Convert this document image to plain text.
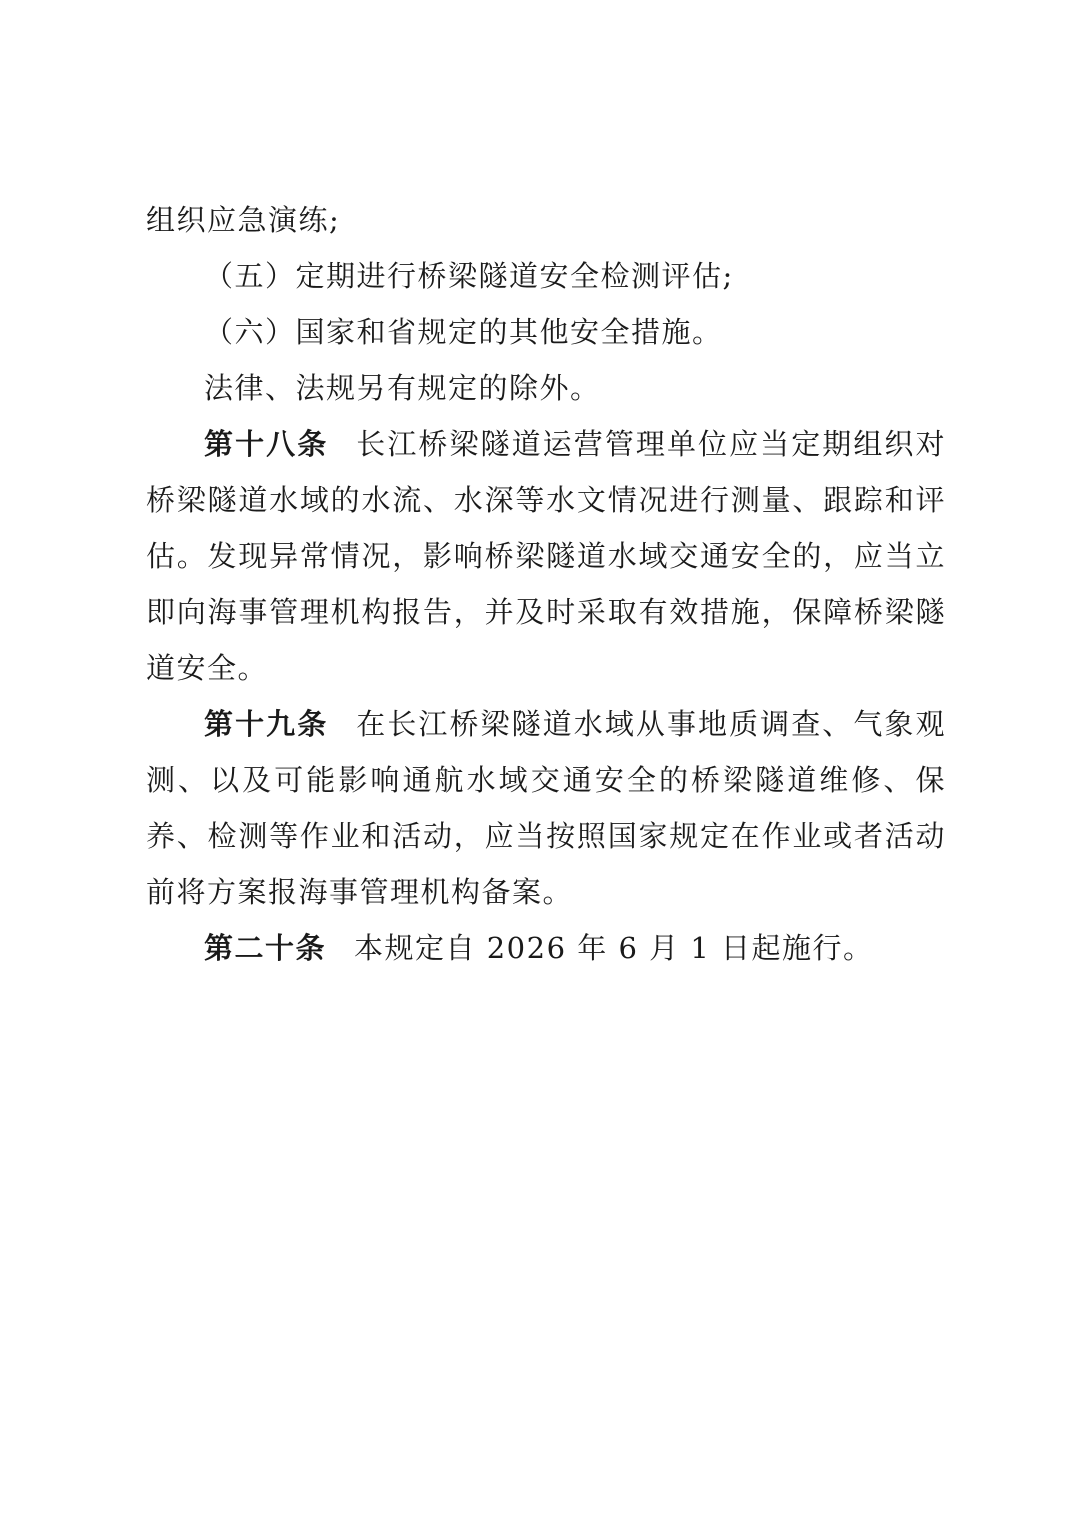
组织应急演练;

（五）定期进行桥梁隧道安全检测评估;

（六）国家和省规定的其他安全措施。

法律、法规另有规定的除外。

第十八条 长江桥梁隧道运营管理单位应当定期组织对桥梁隧道水域的水流、水深等水文情况进行测量、跟踪和评估。发现异常情况，影响桥梁隧道水域交通安全的，应当立即向海事管理机构报告，并及时采取有效措施，保障桥梁隧道安全。

第十九条 在长江桥梁隧道水域从事地质调查、气象观测、以及可能影响通航水域交通安全的桥梁隧道维修、保养、检测等作业和活动，应当按照国家规定在作业或者活动前将方案报海事管理机构备案。

第二十条 本规定自 2026 年 6 月 1 日起施行。
